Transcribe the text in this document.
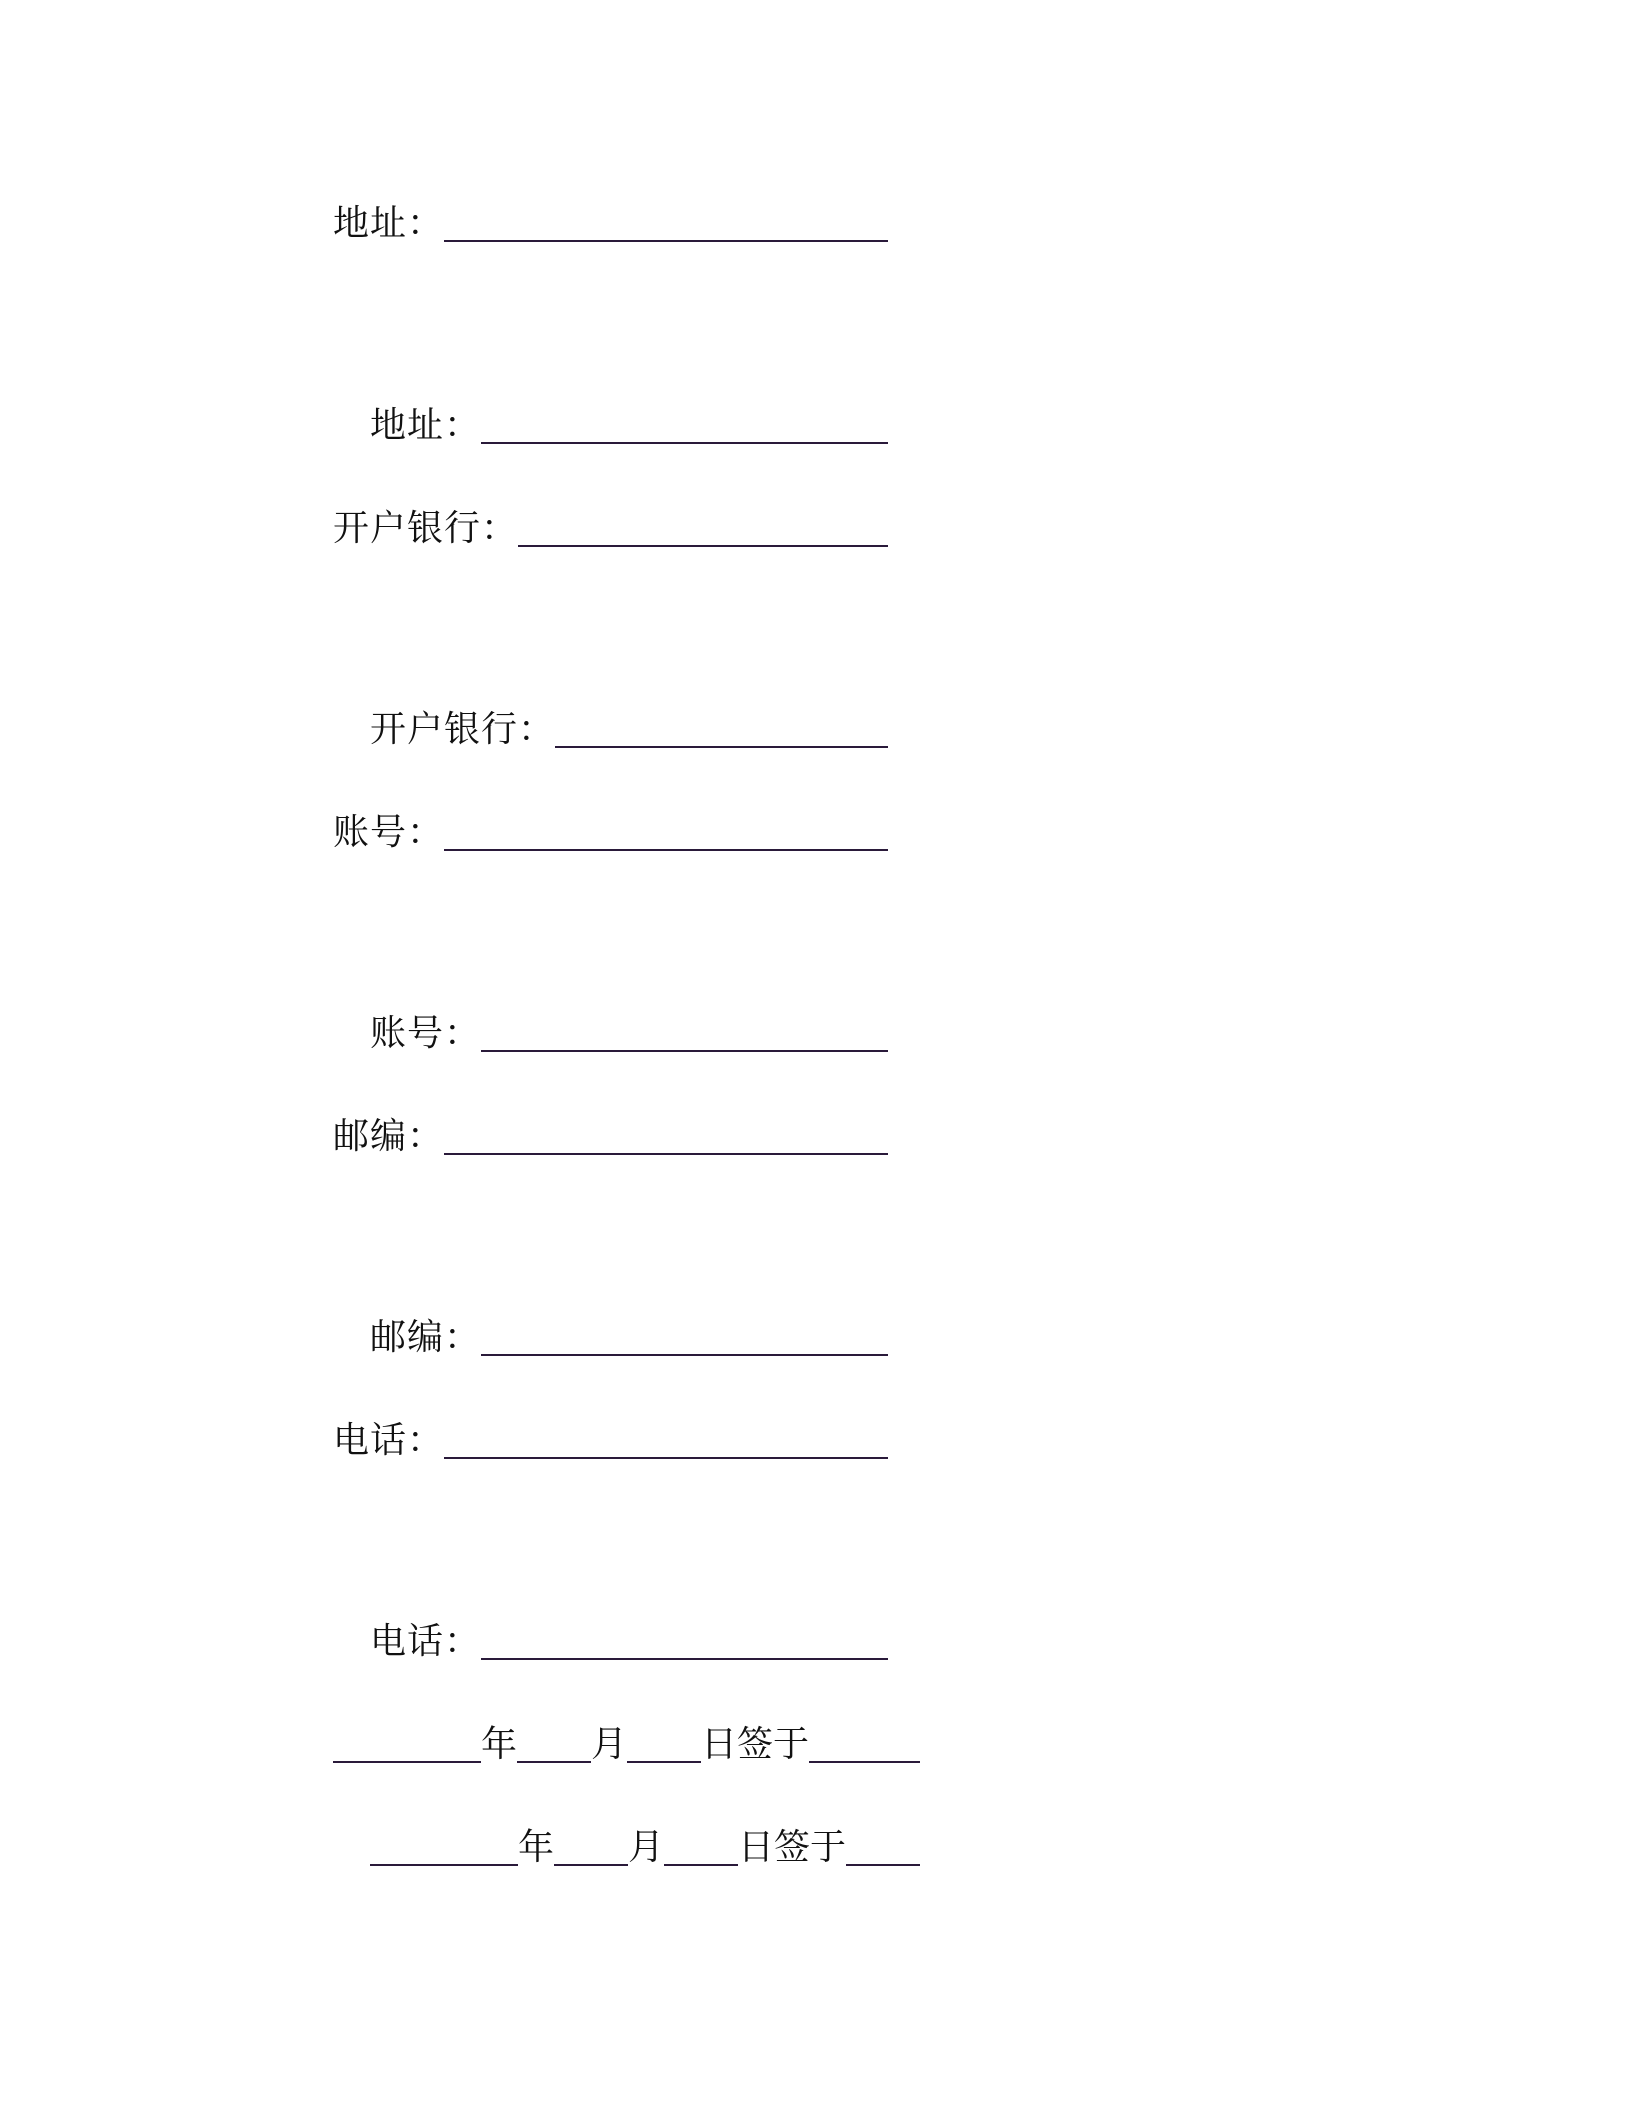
地址：
地址：
开户银行：
开户银行：
账号：
账号：
邮编：
邮编：
电话：
电话：
年 月 日签于
年 月 日签于
